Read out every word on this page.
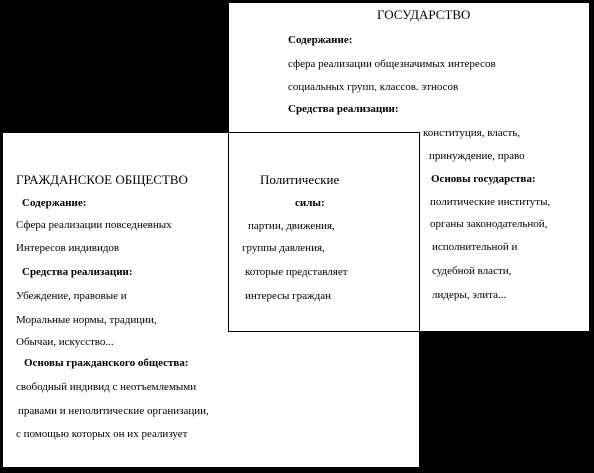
ГОСУДАРСТВО
Содержание:
сфера реализации общезначимых интересов
социальных групп, классов. этносов
Средства реализации:
конституция, власть,
принуждение, право
Основы государства:
политические институты,
органы законодательной,
исполнительной и
судебной власти,
лидеры, элита...
ГРАЖДАНСКОЕ ОБЩЕСТВО
Содержание:
Сфера реализации повседневных
Интересов индивидов
Средства реализации:
Убеждение, правовые и
Моральные нормы, традиции,
Обычаи, искусство...
Основы гражданского общества:
свободный индивид с неотъемлемыми
правами и неполитические организации,
с помощью которых он их реализует
Политические
силы:
партии, движения,
группы давления,
которые представляет
интересы граждан
